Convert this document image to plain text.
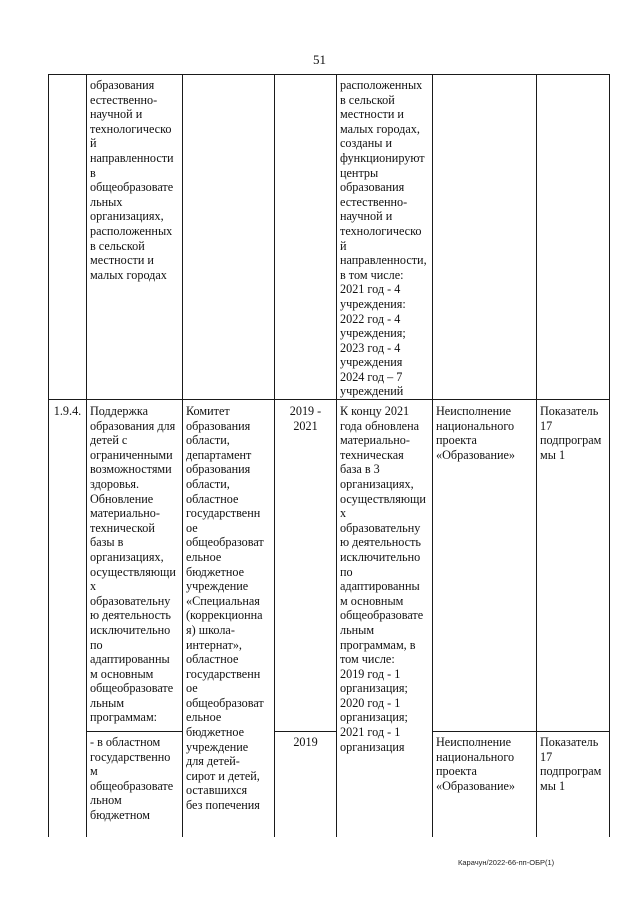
51
образования
естественно-
научной и
технологическо
й
направленности
в
общеобразовате
льных
организациях,
расположенных
в сельской
местности и
малых городах
расположенных
в сельской
местности и
малых городах,
созданы и
функционируют
центры
образования
естественно-
научной и
технологическо
й
направленности,
в том числе:
2021 год - 4
учреждения:
2022 год - 4
учреждения;
2023 год - 4
учреждения
2024 год – 7
учреждений
1.9.4. Поддержка
образования для
детей с
ограниченными
возможностями
здоровья.
Обновление
материально-
технической
базы в
организациях,
осуществляющи
х
образовательну
ю деятельность
исключительно
по
адаптированны
м основным
общеобразовате
льным
программам:
Комитет
образования
области,
департамент
образования
области,
областное
государственн
ое
общеобразоват
ельное
бюджетное
учреждение
«Специальная
(коррекционна
я) школа-
интернат»,
областное
государственн
ое
общеобразоват
ельное
бюджетное
учреждение
для детей-
сирот и детей,
оставшихся
без попечения
2019 -
2021
К концу 2021
года обновлена
материально-
техническая
база в 3
организациях,
осуществляющи
х
образовательну
ю деятельность
исключительно
по
адаптированны
м основным
общеобразовате
льным
программам, в
том числе:
2019 год - 1
организация;
2020 год - 1
организация;
2021 год - 1
организация
Неисполнение
национального
проекта
«Образование»
Показатель
17
подпрограм
мы 1
- в областном
государственно
м
общеобразовате
льном
бюджетном
2019	Неисполнение
национального
проекта
«Образование»
Показатель
17
подпрограм
мы 1
Карачун/2022-66-пп-ОБР(1)
